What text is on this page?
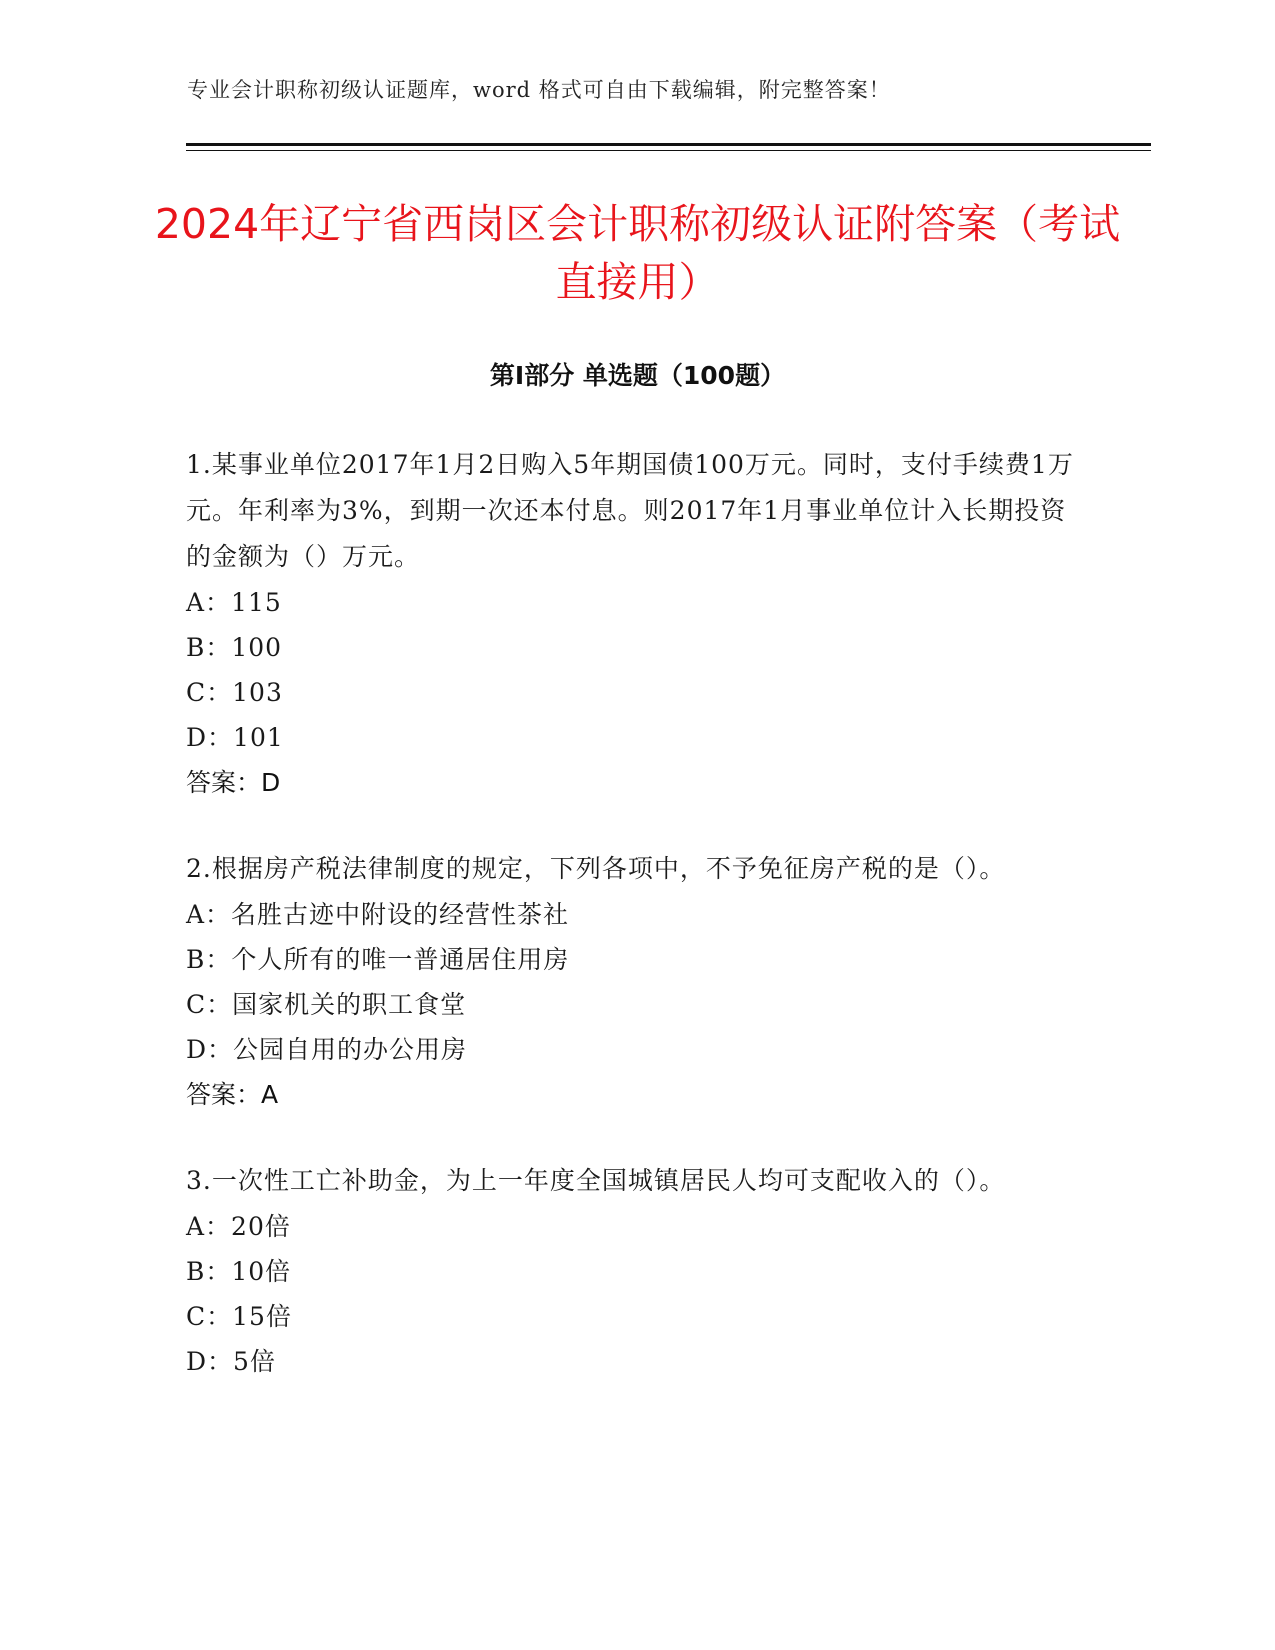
专业会计职称初级认证题库，word 格式可自由下载编辑，附完整答案！
2024年辽宁省西岗区会计职称初级认证附答案（考试直接用）
第Ⅰ部分 单选题（100题）

1.某事业单位2017年1月2日购入5年期国债100万元。同时，支付手续费1万元。年利率为3%，到期一次还本付息。则2017年1月事业单位计入长期投资的金额为（）万元。

A：115

B：100

C：103

D：101

答案：D

2.根据房产税法律制度的规定，下列各项中，不予免征房产税的是（）。

A：名胜古迹中附设的经营性茶社

B：个人所有的唯一普通居住用房

C：国家机关的职工食堂

D：公园自用的办公用房

答案：A

3.一次性工亡补助金，为上一年度全国城镇居民人均可支配收入的（）。

A：20倍

B：10倍

C：15倍

D：5倍
